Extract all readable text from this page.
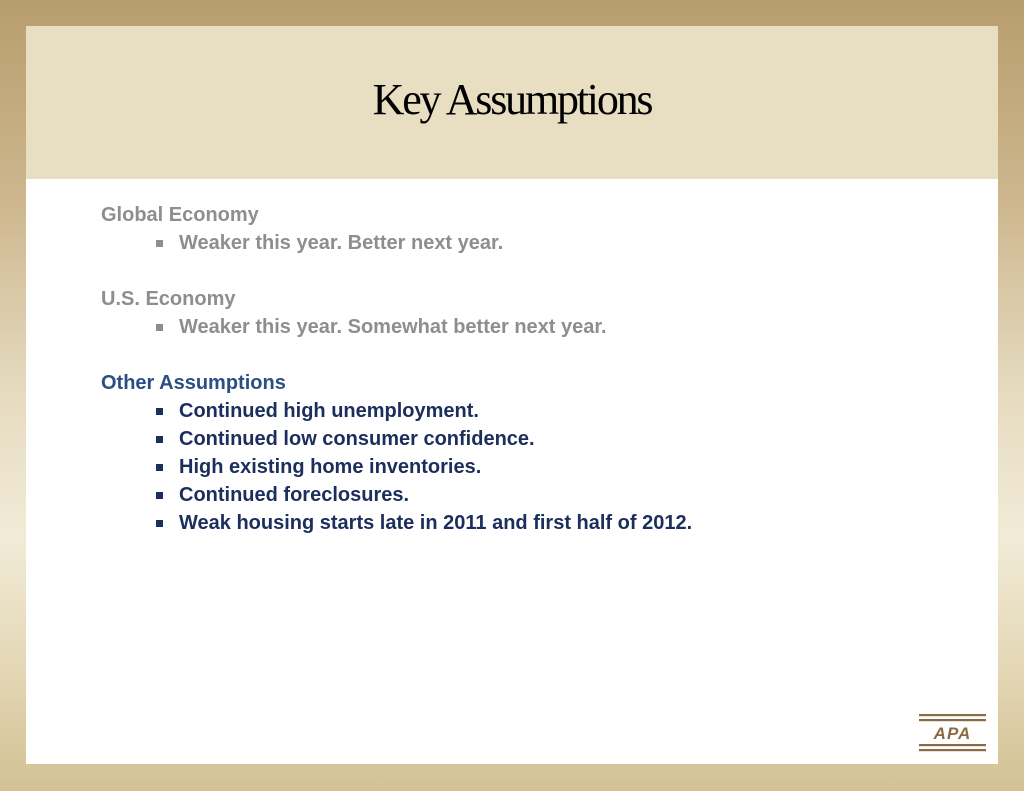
Key Assumptions

Global Economy

Weaker this year. Better next year.

U.S. Economy

Weaker this year. Somewhat better next year.

Other Assumptions

Continued high unemployment.
Continued low consumer confidence.
High existing home inventories.
Continued foreclosures.
Weak housing starts late in 2011 and first half of 2012.
APA
